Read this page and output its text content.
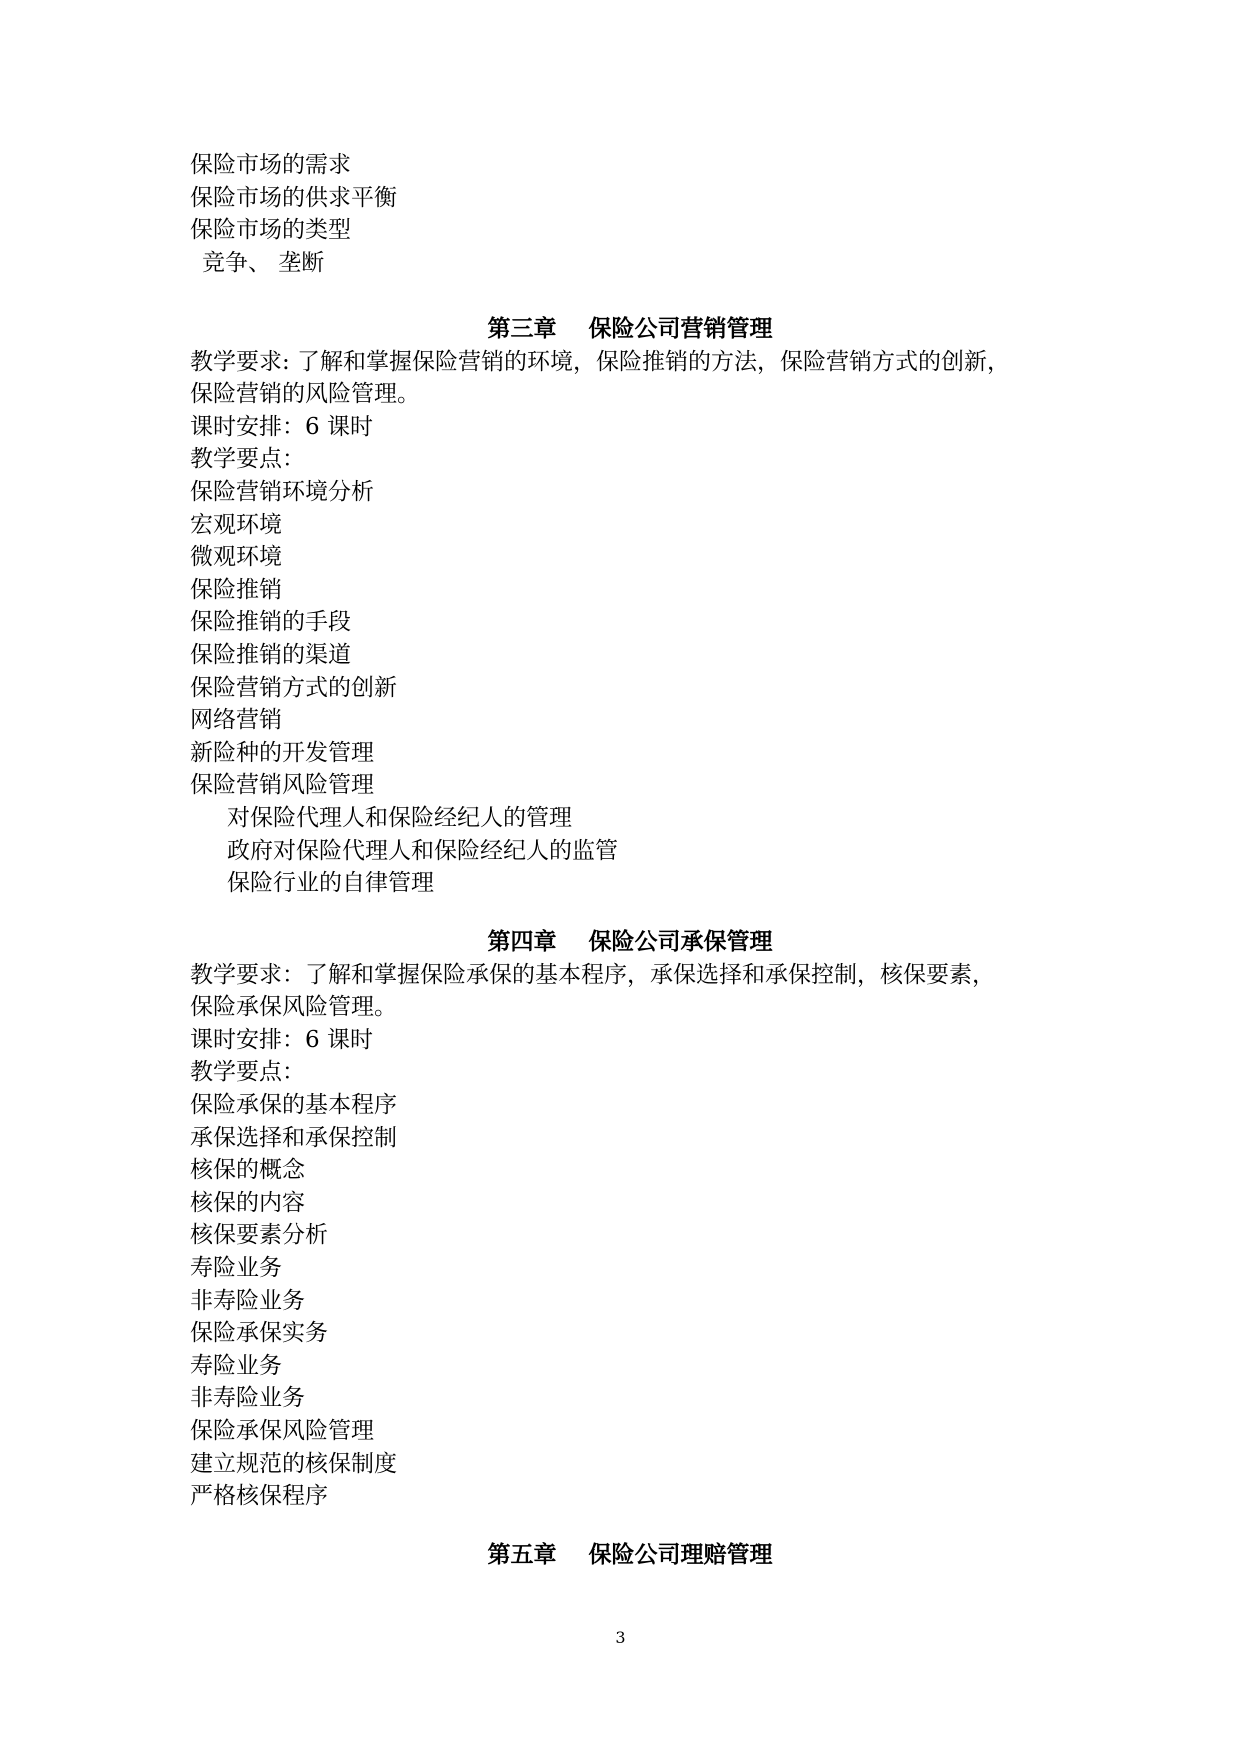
保险市场的需求
保险市场的供求平衡
保险市场的类型
竞争、 垄断
第三章    保险公司营销管理
教学要求: 了解和掌握保险营销的环境，保险推销的方法，保险营销方式的创新，
保险营销的风险管理。
课时安排：6 课时
教学要点：
保险营销环境分析
宏观环境
微观环境
保险推销
保险推销的手段
保险推销的渠道
保险营销方式的创新
网络营销
新险种的开发管理
保险营销风险管理
对保险代理人和保险经纪人的管理
政府对保险代理人和保险经纪人的监管
保险行业的自律管理
第四章    保险公司承保管理
教学要求：了解和掌握保险承保的基本程序，承保选择和承保控制，核保要素，
保险承保风险管理。
课时安排：6 课时
教学要点：
保险承保的基本程序
承保选择和承保控制
核保的概念
核保的内容
核保要素分析
寿险业务
非寿险业务
保险承保实务
寿险业务
非寿险业务
保险承保风险管理
建立规范的核保制度
严格核保程序
第五章    保险公司理赔管理
3
